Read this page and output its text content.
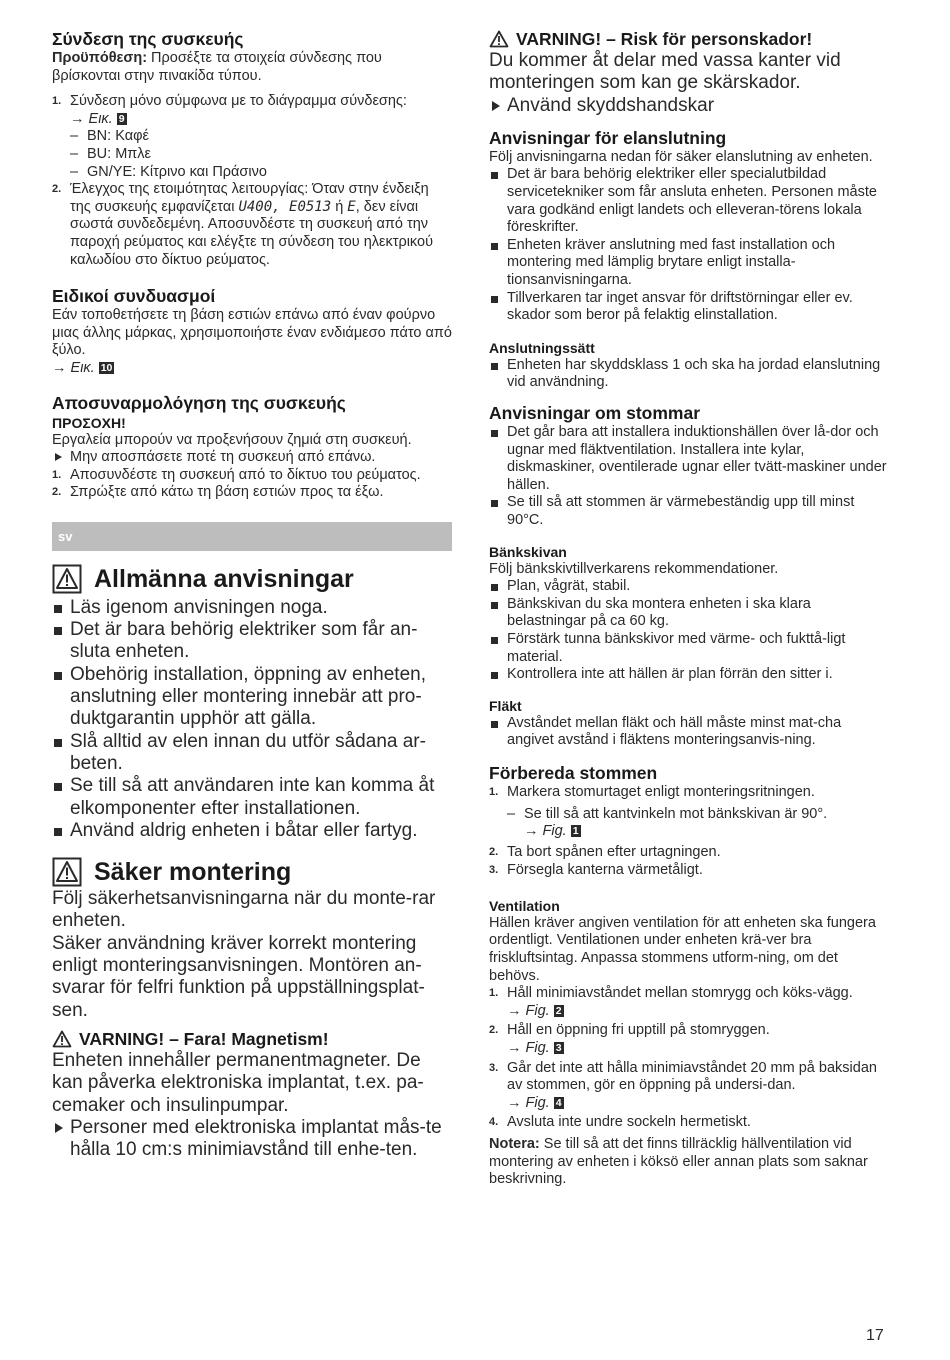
Σύνδεση της συσκευής

Προϋπόθεση: Προσέξτε τα στοιχεία σύνδεσης που βρίσκονται στην πινακίδα τύπου.

1. Σύνδεση μόνο σύμφωνα με το διάγραμμα σύνδεσης:
→ Εικ. 9
– BN: Καφέ
– BU: Μπλε
– GN/YE: Κίτρινο και Πράσινο
2. Έλεγχος της ετοιμότητας λειτουργίας: Όταν στην ένδειξη της συσκευής εμφανίζεται U400, E0513 ή E, δεν είναι σωστά συνδεδεμένη. Αποσυνδέστε τη συσκευή από την παροχή ρεύματος και ελέγξτε τη σύνδεση του ηλεκτρικού καλωδίου στο δίκτυο ρεύματος.
Ειδικοί συνδυασμοί

Εάν τοποθετήσετε τη βάση εστιών επάνω από έναν φούρνο μιας άλλης μάρκας, χρησιμοποιήστε έναν ενδιάμεσο πάτο από ξύλο.

→ Εικ. 10

Αποσυναρμολόγηση της συσκευής

ΠΡΟΣΟΧΗ!

Εργαλεία μπορούν να προξενήσουν ζημιά στη συσκευή.

Μην αποσπάσετε ποτέ τη συσκευή από επάνω.

1. Αποσυνδέστε τη συσκευή από το δίκτυο του ρεύματος.
2. Σπρώξτε από κάτω τη βάση εστιών προς τα έξω.
sv
Allmänna anvisningar
Läs igenom anvisningen noga.
Det är bara behörig elektriker som får an-sluta enheten.
Obehörig installation, öppning av enheten, anslutning eller montering innebär att pro-duktgarantin upphör att gälla.
Slå alltid av elen innan du utför sådana ar-beten.
Se till så att användaren inte kan komma åt elkomponenter efter installationen.
Använd aldrig enheten i båtar eller fartyg.
Säker montering

Följ säkerhetsanvisningarna när du monte-rar enheten.

Säker användning kräver korrekt montering enligt monteringsanvisningen. Montören an-svarar för felfri funktion på uppställningsplat-sen.

VARNING! – Fara! Magnetism!

Enheten innehåller permanentmagneter. De kan påverka elektroniska implantat, t.ex. pa-cemaker och insulinpumpar.

Personer med elektroniska implantat mås-te hålla 10 cm:s minimiavstånd till enhe-ten.

VARNING! – Risk för personskador!

Du kommer åt delar med vassa kanter vid monteringen som kan ge skärskador.

Använd skyddshandskar

Anvisningar för elanslutning

Följ anvisningarna nedan för säker elanslutning av enheten.

Det är bara behörig elektriker eller specialutbildad servicetekniker som får ansluta enheten. Personen måste vara godkänd enligt landets och elleveran-törens lokala föreskrifter.
Enheten kräver anslutning med fast installation och montering med lämplig brytare enligt installa-tionsanvisningarna.
Tillverkaren tar inget ansvar för driftstörningar eller ev. skador som beror på felaktig elinstallation.
Anslutningssätt
Enheten har skyddsklass 1 och ska ha jordad elanslutning vid användning.
Anvisningar om stommar
Det går bara att installera induktionshällen över lå-dor och ugnar med fläktventilation. Installera inte kylar, diskmaskiner, oventilerade ugnar eller tvätt-maskiner under hällen.
Se till så att stommen är värmebeständig upp till minst 90°C.
Bänkskivan

Följ bänkskivtillverkarens rekommendationer.

Plan, vågrät, stabil.
Bänkskivan du ska montera enheten i ska klara belastningar på ca 60 kg.
Förstärk tunna bänkskivor med värme- och fukttå-ligt material.
Kontrollera inte att hällen är plan förrän den sitter i.
Fläkt
Avståndet mellan fläkt och häll måste minst mat-cha angivet avstånd i fläktens monteringsanvis-ning.
Förbereda stommen
1. Markera stomurtaget enligt monteringsritningen.
– Se till så att kantvinkeln mot bänkskivan är 90°.
→ Fig. 1
2. Ta bort spånen efter urtagningen.
3. Försegla kanterna värmetåligt.
Ventilation

Hällen kräver angiven ventilation för att enheten ska fungera ordentligt. Ventilationen under enheten krä-ver bra friskluftsintag. Anpassa stommens utform-ning, om det behövs.

1. Håll minimiavståndet mellan stomrygg och köks-vägg.
→ Fig. 2
2. Håll en öppning fri upptill på stomryggen.
→ Fig. 3
3. Går det inte att hålla minimiavståndet 20 mm på baksidan av stommen, gör en öppning på undersi-dan.
→ Fig. 4
4. Avsluta inte undre sockeln hermetiskt.

Notera: Se till så att det finns tillräcklig hällventilation vid montering av enheten i köksö eller annan plats som saknar beskrivning.

17
